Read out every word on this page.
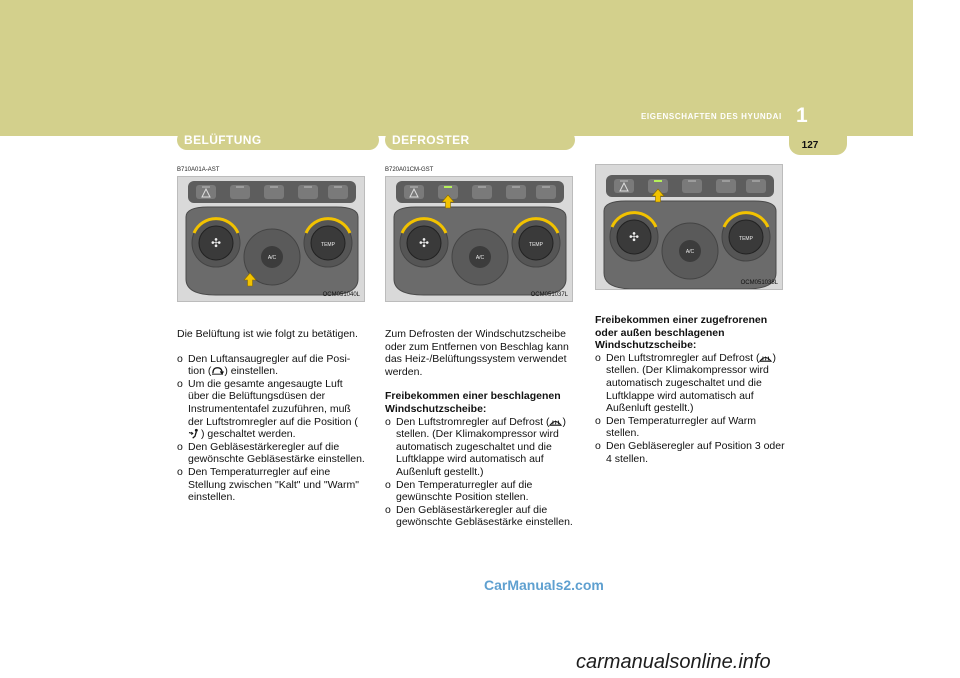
1
EIGENSCHAFTEN DES HYUNDAI
127
BELÜFTUNG	DEFROSTER
B710A01A-AST	B720A01CM-GST
✣	TEMP
A/C
OCM051040L
✣	TEMP
A/C
OCM051037L
✣	TEMP
A/C
OCM051038L

Die Belüftung ist wie folgt zu betätigen.

o Den Luftansaugregler auf die Posi-tion ( ) einstellen.
o Um die gesamte angesaugte Luft über die Belüftungsdüsen der Instrumententafel zuzuführen, muß der Luftstromregler auf die Position () geschaltet werden.
o Den Gebläsestärkeregler auf die gewönschte Gebläsestärke einstellen.
o Den Temperaturregler auf eine Stellung zwischen "Kalt" und "Warm" einstellen.

Zum Defrosten der Windschutzscheibe oder zum Entfernen von Beschlag kann das Heiz-/Belüftungssystem verwendet werden.

Freibekommen einer beschlagenen Windschutzscheibe:

o Den Luftstromregler auf Defrost ( ) stellen. (Der Klimakompressor wird automatisch zugeschaltet und die Luftklappe wird automatisch auf Außenluft gestellt.)
o Den Temperaturregler auf die gewünschte Position stellen.
o Den Gebläsestärkeregler auf die gewönschte Gebläsestärke einstellen.

Freibekommen einer zugefrorenen oder außen beschlagenen Windschutzscheibe:

o Den Luftstromregler auf Defrost ( ) stellen. (Der Klimakompressor wird automatisch zugeschaltet und die Luftklappe wird automatisch auf Außenluft gestellt.)
o Den Temperaturregler auf Warm stellen.
o Den Gebläseregler auf Position 3 oder 4 stellen.
CarManuals2.com
carmanualsonline.info
